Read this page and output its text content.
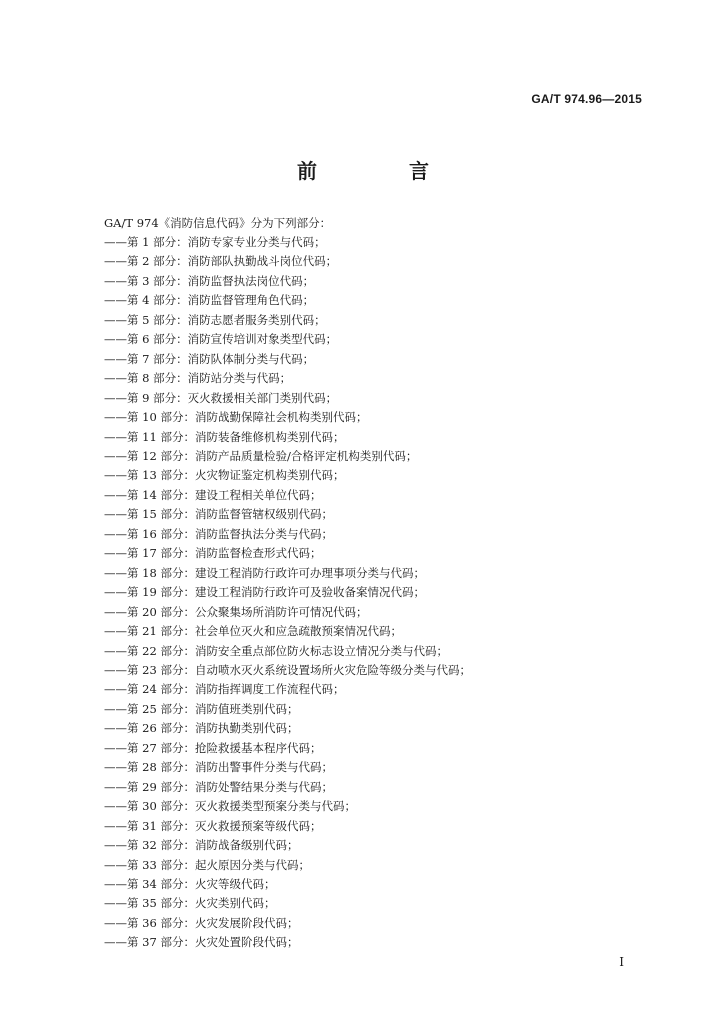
GA/T 974.96—2015
前　言
GA/T 974《消防信息代码》分为下列部分：
——第 1 部分：消防专家专业分类与代码；
——第 2 部分：消防部队执勤战斗岗位代码；
——第 3 部分：消防监督执法岗位代码；
——第 4 部分：消防监督管理角色代码；
——第 5 部分：消防志愿者服务类别代码；
——第 6 部分：消防宣传培训对象类型代码；
——第 7 部分：消防队体制分类与代码；
——第 8 部分：消防站分类与代码；
——第 9 部分：灭火救援相关部门类别代码；
——第 10 部分：消防战勤保障社会机构类别代码；
——第 11 部分：消防装备维修机构类别代码；
——第 12 部分：消防产品质量检验/合格评定机构类别代码；
——第 13 部分：火灾物证鉴定机构类别代码；
——第 14 部分：建设工程相关单位代码；
——第 15 部分：消防监督管辖权级别代码；
——第 16 部分：消防监督执法分类与代码；
——第 17 部分：消防监督检查形式代码；
——第 18 部分：建设工程消防行政许可办理事项分类与代码；
——第 19 部分：建设工程消防行政许可及验收备案情况代码；
——第 20 部分：公众聚集场所消防许可情况代码；
——第 21 部分：社会单位灭火和应急疏散预案情况代码；
——第 22 部分：消防安全重点部位防火标志设立情况分类与代码；
——第 23 部分：自动喷水灭火系统设置场所火灾危险等级分类与代码；
——第 24 部分：消防指挥调度工作流程代码；
——第 25 部分：消防值班类别代码；
——第 26 部分：消防执勤类别代码；
——第 27 部分：抢险救援基本程序代码；
——第 28 部分：消防出警事件分类与代码；
——第 29 部分：消防处警结果分类与代码；
——第 30 部分：灭火救援类型预案分类与代码；
——第 31 部分：灭火救援预案等级代码；
——第 32 部分：消防战备级别代码；
——第 33 部分：起火原因分类与代码；
——第 34 部分：火灾等级代码；
——第 35 部分：火灾类别代码；
——第 36 部分：火灾发展阶段代码；
——第 37 部分：火灾处置阶段代码；
I
